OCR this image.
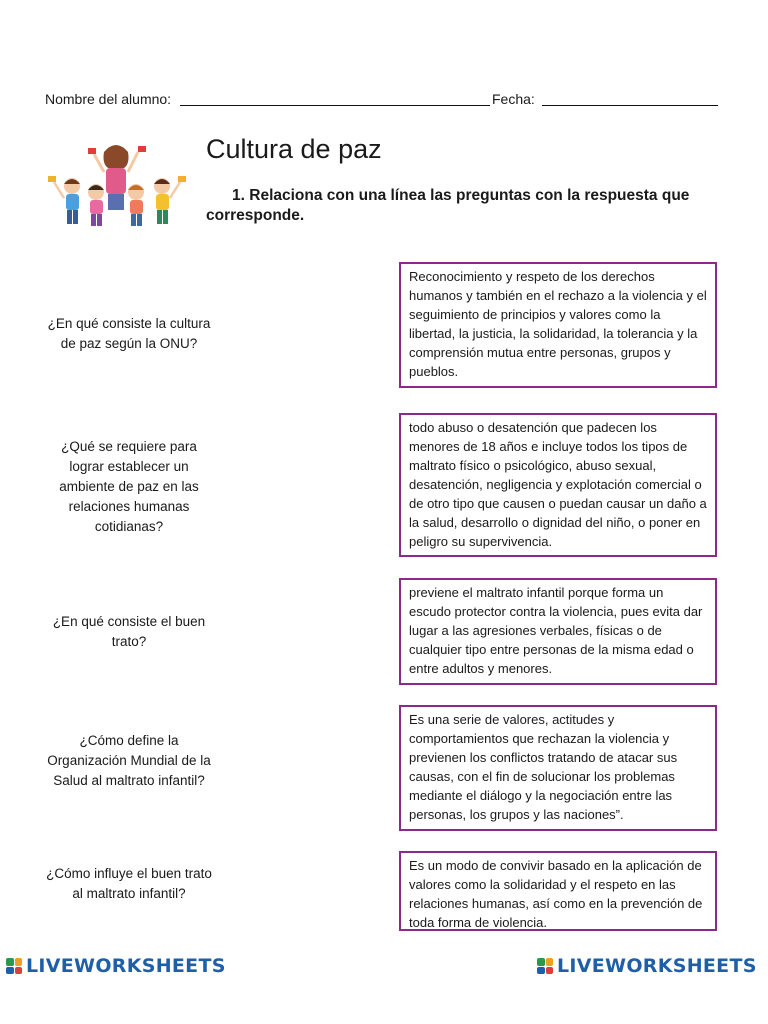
Nombre del alumno:	Fecha:
Cultura de paz
1. Relaciona con una línea las preguntas con la respuesta que corresponde.
¿En qué consiste la cultura de paz según la ONU?
¿Qué se requiere para lograr establecer un ambiente de paz en las relaciones humanas cotidianas?
¿En qué consiste el buen trato?
¿Cómo define la Organización Mundial de la Salud al maltrato infantil?
¿Cómo influye el buen trato al maltrato infantil?
Reconocimiento y respeto de los derechos humanos y también en el rechazo a la violencia y el seguimiento de principios y valores como la libertad, la justicia, la solidaridad, la tolerancia y la comprensión mutua entre personas, grupos y pueblos.
todo abuso o desatención que padecen los menores de 18 años e incluye todos los tipos de maltrato físico o psicológico, abuso sexual, desatención, negligencia y explotación comercial o de otro tipo que causen o puedan causar un daño a la salud, desarrollo o dignidad del niño, o poner en peligro su supervivencia.
previene el maltrato infantil porque forma un escudo protector contra la violencia, pues evita dar lugar a las agresiones verbales, físicas o de cualquier tipo entre personas de la misma edad o entre adultos y menores.
Es una serie de valores, actitudes y comportamientos que rechazan la violencia y previenen los conflictos tratando de atacar sus causas, con el fin de solucionar los problemas mediante el diálogo y la negociación entre las personas, los grupos y las naciones”.
Es un modo de convivir basado en la aplicación de valores como la solidaridad y el respeto en las relaciones humanas, así como en la prevención de toda forma de violencia.
LIVEWORKSHEETS	LIVEWORKSHEETS
